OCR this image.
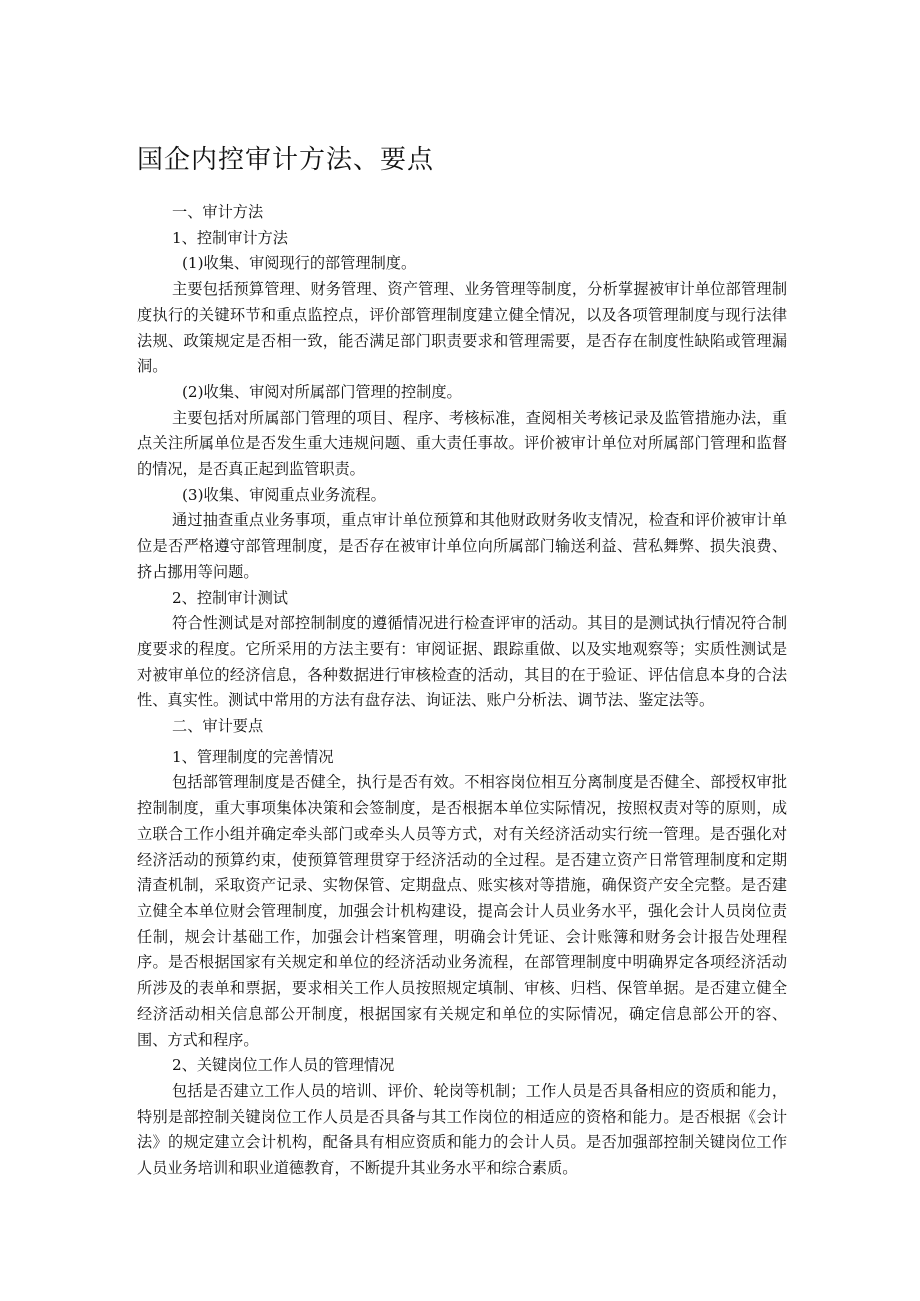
国企内控审计方法、要点

一、审计方法

1、控制审计方法

(1)收集、审阅现行的部管理制度。

主要包括预算管理、财务管理、资产管理、业务管理等制度，分析掌握被审计单位部管理制度执行的关键环节和重点监控点，评价部管理制度建立健全情况，以及各项管理制度与现行法律法规、政策规定是否相一致，能否满足部门职责要求和管理需要，是否存在制度性缺陷或管理漏洞。

(2)收集、审阅对所属部门管理的控制度。

主要包括对所属部门管理的项目、程序、考核标准，查阅相关考核记录及监管措施办法，重点关注所属单位是否发生重大违规问题、重大责任事故。评价被审计单位对所属部门管理和监督的情况，是否真正起到监管职责。

(3)收集、审阅重点业务流程。

通过抽查重点业务事项，重点审计单位预算和其他财政财务收支情况，检查和评价被审计单位是否严格遵守部管理制度，是否存在被审计单位向所属部门输送利益、营私舞弊、损失浪费、挤占挪用等问题。

2、控制审计测试

符合性测试是对部控制制度的遵循情况进行检查评审的活动。其目的是测试执行情况符合制度要求的程度。它所采用的方法主要有：审阅证据、跟踪重做、以及实地观察等；实质性测试是对被审单位的经济信息，各种数据进行审核检查的活动，其目的在于验证、评估信息本身的合法性、真实性。测试中常用的方法有盘存法、询证法、账户分析法、调节法、鉴定法等。

二、审计要点

1、管理制度的完善情况

包括部管理制度是否健全，执行是否有效。不相容岗位相互分离制度是否健全、部授权审批控制制度，重大事项集体决策和会签制度，是否根据本单位实际情况，按照权责对等的原则，成立联合工作小组并确定牵头部门或牵头人员等方式，对有关经济活动实行统一管理。是否强化对经济活动的预算约束，使预算管理贯穿于经济活动的全过程。是否建立资产日常管理制度和定期清查机制，采取资产记录、实物保管、定期盘点、账实核对等措施，确保资产安全完整。是否建立健全本单位财会管理制度，加强会计机构建设，提高会计人员业务水平，强化会计人员岗位责任制，规会计基础工作，加强会计档案管理，明确会计凭证、会计账簿和财务会计报告处理程序。是否根据国家有关规定和单位的经济活动业务流程，在部管理制度中明确界定各项经济活动所涉及的表单和票据，要求相关工作人员按照规定填制、审核、归档、保管单据。是否建立健全经济活动相关信息部公开制度，根据国家有关规定和单位的实际情况，确定信息部公开的容、围、方式和程序。

2、关键岗位工作人员的管理情况

包括是否建立工作人员的培训、评价、轮岗等机制；工作人员是否具备相应的资质和能力，特别是部控制关键岗位工作人员是否具备与其工作岗位的相适应的资格和能力。是否根据《会计法》的规定建立会计机构，配备具有相应资质和能力的会计人员。是否加强部控制关键岗位工作人员业务培训和职业道德教育，不断提升其业务水平和综合素质。
